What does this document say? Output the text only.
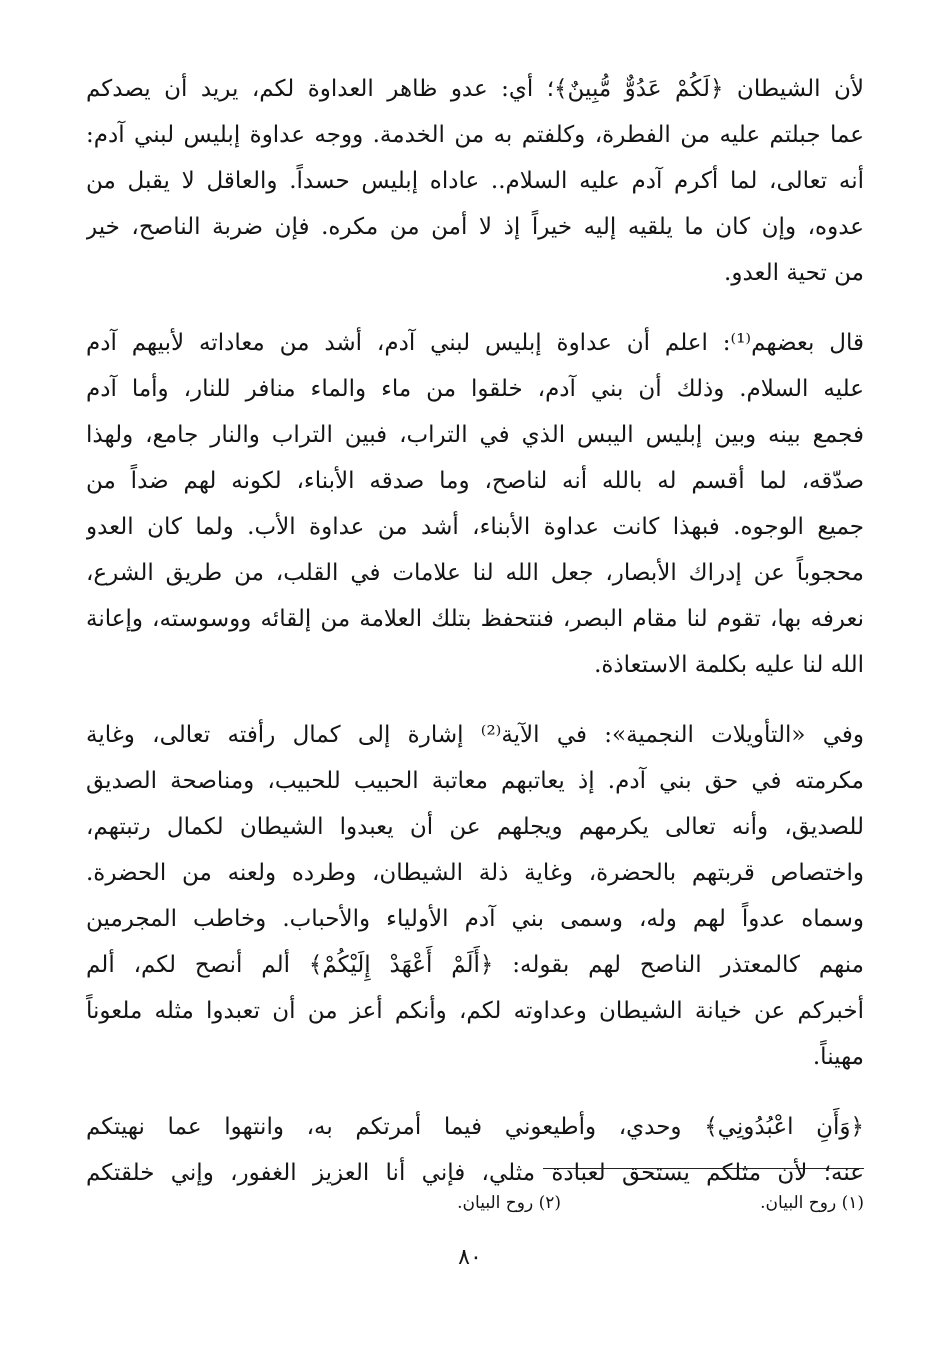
لأن الشيطان ﴿لَكُمْ عَدُوٌّ مُّبِينٌ﴾؛ أي: عدو ظاهر العداوة لكم، يريد أن يصدكم
عما جبلتم عليه من الفطرة، وكلفتم به من الخدمة. ووجه عداوة إبليس لبني آدم:
أنه تعالى، لما أكرم آدم عليه السلام.. عاداه إبليس حسداً. والعاقل لا يقبل من
عدوه، وإن كان ما يلقيه إليه خيراً إذ لا أمن من مكره. فإن ضربة الناصح، خير
من تحية العدو.
قال بعضهم⁽¹⁾: اعلم أن عداوة إبليس لبني آدم، أشد من معاداته لأبيهم آدم
عليه السلام. وذلك أن بني آدم، خلقوا من ماء والماء منافر للنار، وأما آدم
فجمع بينه وبين إبليس اليبس الذي في التراب، فبين التراب والنار جامع، ولهذا
صدّقه، لما أقسم له بالله أنه لناصح، وما صدقه الأبناء، لكونه لهم ضداً من
جميع الوجوه. فبهذا كانت عداوة الأبناء، أشد من عداوة الأب. ولما كان العدو
محجوباً عن إدراك الأبصار، جعل الله لنا علامات في القلب، من طريق الشرع،
نعرفه بها، تقوم لنا مقام البصر، فنتحفظ بتلك العلامة من إلقائه ووسوسته، وإعانة
الله لنا عليه بكلمة الاستعاذة.
وفي «التأويلات النجمية»: في الآية⁽²⁾ إشارة إلى كمال رأفته تعالى، وغاية
مكرمته في حق بني آدم. إذ يعاتبهم معاتبة الحبيب للحبيب، ومناصحة الصديق
للصديق، وأنه تعالى يكرمهم ويجلهم عن أن يعبدوا الشيطان لكمال رتبتهم،
واختصاص قربتهم بالحضرة، وغاية ذلة الشيطان، وطرده ولعنه من الحضرة.
وسماه عدواً لهم وله، وسمى بني آدم الأولياء والأحباب. وخاطب المجرمين
منهم كالمعتذر الناصح لهم بقوله: ﴿أَلَمْ أَعْهَدْ إِلَيْكُمْ﴾ ألم أنصح لكم، ألم
أخبركم عن خيانة الشيطان وعداوته لكم، وأنكم أعز من أن تعبدوا مثله ملعوناً
مهيناً.
﴿وَأَنِ اعْبُدُونِي﴾ وحدي، وأطيعوني فيما أمرتكم به، وانتهوا عما نهيتكم
عنه؛ لأن مثلكم يستحق لعبادة مثلي، فإني أنا العزيز الغفور، وإني خلقتكم
(١) روح البيان.
(٢) روح البيان.
٨٠
